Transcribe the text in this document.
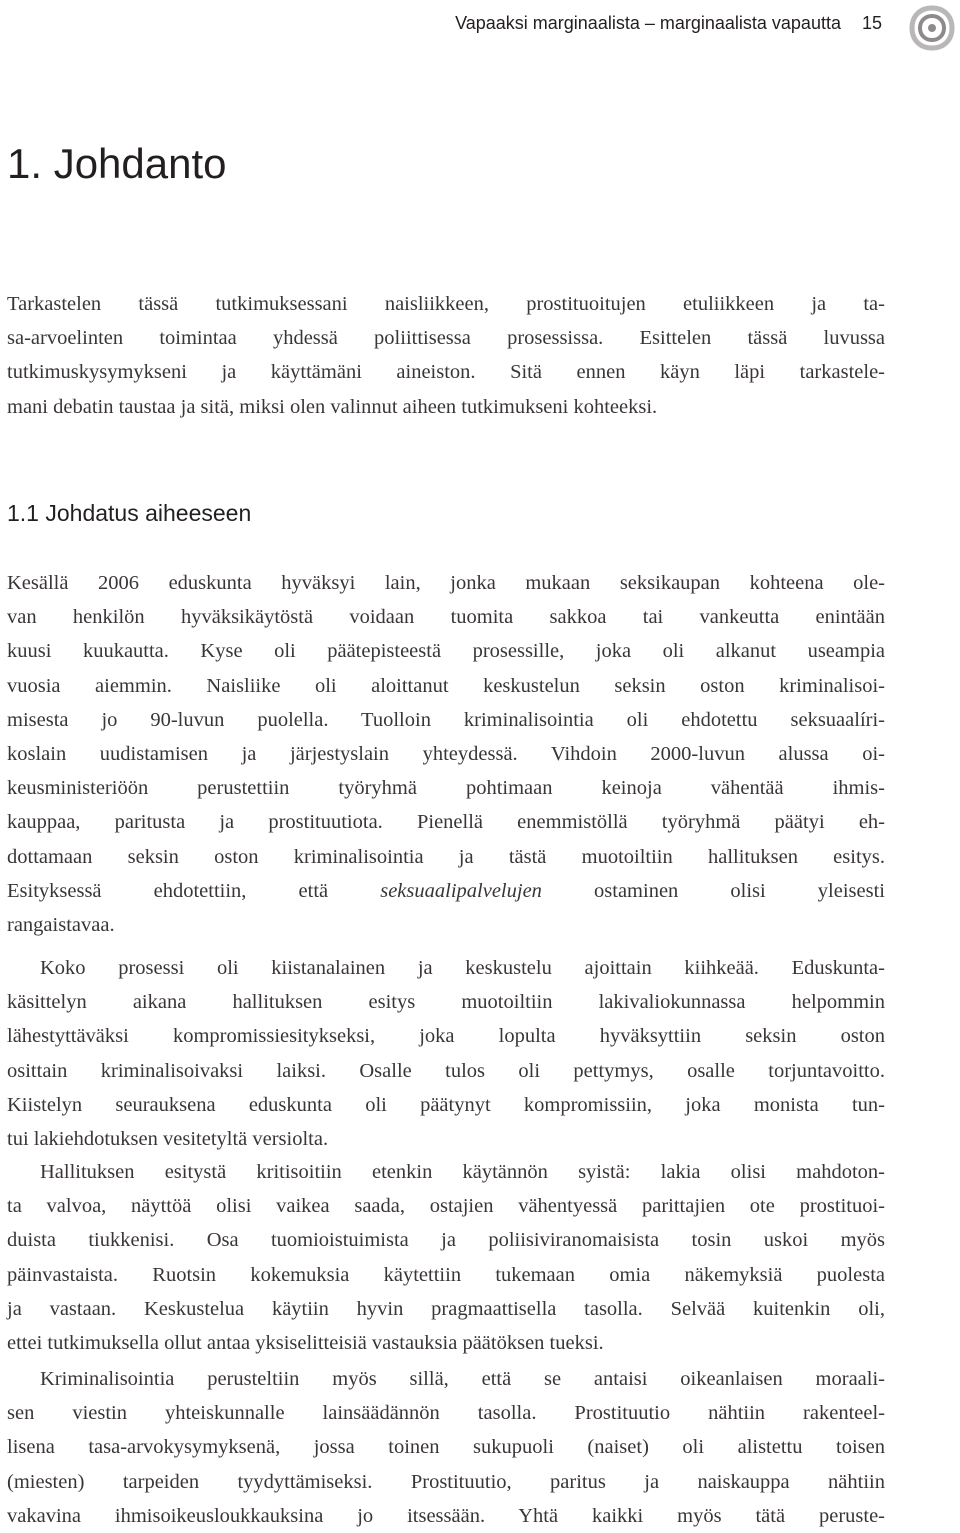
Vapaaksi marginaalista – marginaalista vapautta 15
1. Johdanto
Tarkastelen tässä tutkimuksessani naisliikkeen, prostituoitujen etuliikkeen ja ta-
sa-arvoelinten toimintaa yhdessä poliittisessa prosessissa. Esittelen tässä luvussa
tutkimuskysymykseni ja käyttämäni aineiston. Sitä ennen käyn läpi tarkastele-
mani debatin taustaa ja sitä, miksi olen valinnut aiheen tutkimukseni kohteeksi.
1.1 Johdatus aiheeseen
Kesällä 2006 eduskunta hyväksyi lain, jonka mukaan seksikaupan kohteena ole-
van henkilön hyväksikäytöstä voidaan tuomita sakkoa tai vankeutta enintään
kuusi kuukautta. Kyse oli päätepisteestä prosessille, joka oli alkanut useampia
vuosia aiemmin. Naisliike oli aloittanut keskustelun seksin oston kriminalisoi-
misesta jo 90-luvun puolella. Tuolloin kriminalisointia oli ehdotettu seksuaalíri-
koslain uudistamisen ja järjestyslain yhteydessä. Vihdoin 2000-luvun alussa oi-
keusministeriöön perustettiin työryhmä pohtimaan keinoja vähentää ihmis-
kauppaa, paritusta ja prostituutiota. Pienellä enemmistöllä työryhmä päätyi eh-
dottamaan seksin oston kriminalisointia ja tästä muotoiltiin hallituksen esitys.
Esityksessä ehdotettiin, että seksuaalipalvelujen ostaminen olisi yleisesti
rangaistavaa.
Koko prosessi oli kiistanalainen ja keskustelu ajoittain kiihkeää. Eduskunta-
käsittelyn aikana hallituksen esitys muotoiltiin lakivaliokunnassa helpommin
lähestyttäväksi kompromissiesitykseksi, joka lopulta hyväksyttiin seksin oston
osittain kriminalisoivaksi laiksi. Osalle tulos oli pettymys, osalle torjuntavoitto.
Kiistelyn seurauksena eduskunta oli päätynyt kompromissiin, joka monista tun-
tui lakiehdotuksen vesitetyltä versiolta.
Hallituksen esitystä kritisoitiin etenkin käytännön syistä: lakia olisi mahdoton-
ta valvoa, näyttöä olisi vaikea saada, ostajien vähentyessä parittajien ote prostituoi-
duista tiukkenisi. Osa tuomioistuimista ja poliisiviranomaisista tosin uskoi myös
päinvastaista. Ruotsin kokemuksia käytettiin tukemaan omia näkemyksiä puolesta
ja vastaan. Keskustelua käytiin hyvin pragmaattisella tasolla. Selvää kuitenkin oli,
ettei tutkimuksella ollut antaa yksiselitteisiä vastauksia päätöksen tueksi.
Kriminalisointia perusteltiin myös sillä, että se antaisi oikeanlaisen moraali-
sen viestin yhteiskunnalle lainsäädännön tasolla. Prostituutio nähtiin rakenteel-
lisena tasa-arvokysymyksenä, jossa toinen sukupuoli (naiset) oli alistettu toisen
(miesten) tarpeiden tyydyttämiseksi. Prostituutio, paritus ja naiskauppa nähtiin
vakavina ihmisoikeusloukkauksina jo itsessään. Yhtä kaikki myös tätä peruste-
